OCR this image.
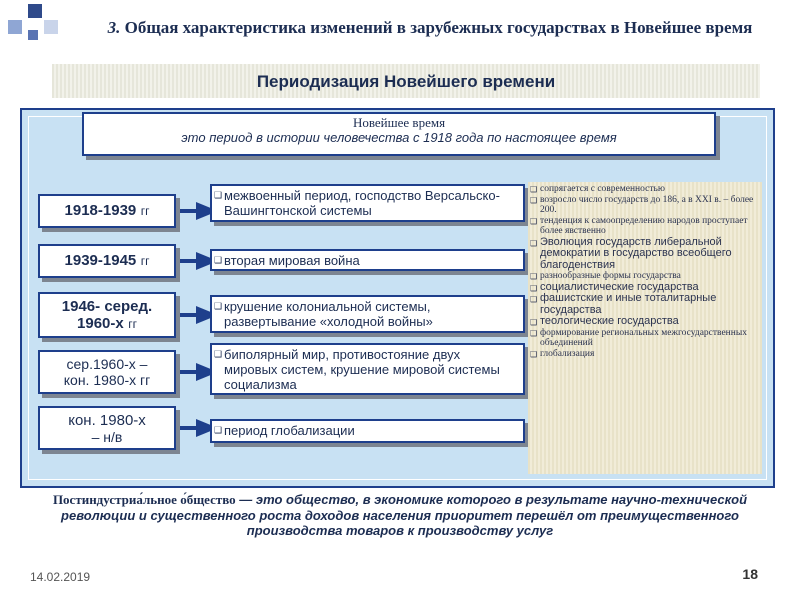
3. Общая характеристика изменений в зарубежных государствах в Новейшее время
Периодизация Новейшего времени
Новейшее время
это период в истории человечества с 1918 года по настоящее время
1918-1939 гг
❑ межвоенный период, господство Версальско-Вашингтонской системы
1939-1945 гг	❑ вторая мировая война
1946- серед.
1960-х гг
❑ крушение колониальной системы, развертывание «холодной войны»
сер.1960-х –
кон. 1980-х гг
❑ биполярный мир, противостояние двух мировых систем, крушение мировой системы социализма
кон. 1980-х
– н/в	❑ период глобализации
❑ сопрягается с современностью
❑ возросло число государств до 186, а в XXI в. – более 200.
❑ тенденция к самоопределению народов проступает более явственно
❑ Эволюция государств либеральной демократии в государство всеобщего благоденствия
❑ разнообразные формы государства
❑ социалистические государства
❑ фашистские и иные тоталитарные государства
❑ теологические государства
❑ формирование региональных межгосударственных объединений
❑ глобализация
Постиндустриа́льное о́бщество — это общество, в экономике которого в результате научно-технической революции и существенного роста доходов населения приоритет перешёл от преимущественного производства товаров к производству услуг
14.02.2019	18
